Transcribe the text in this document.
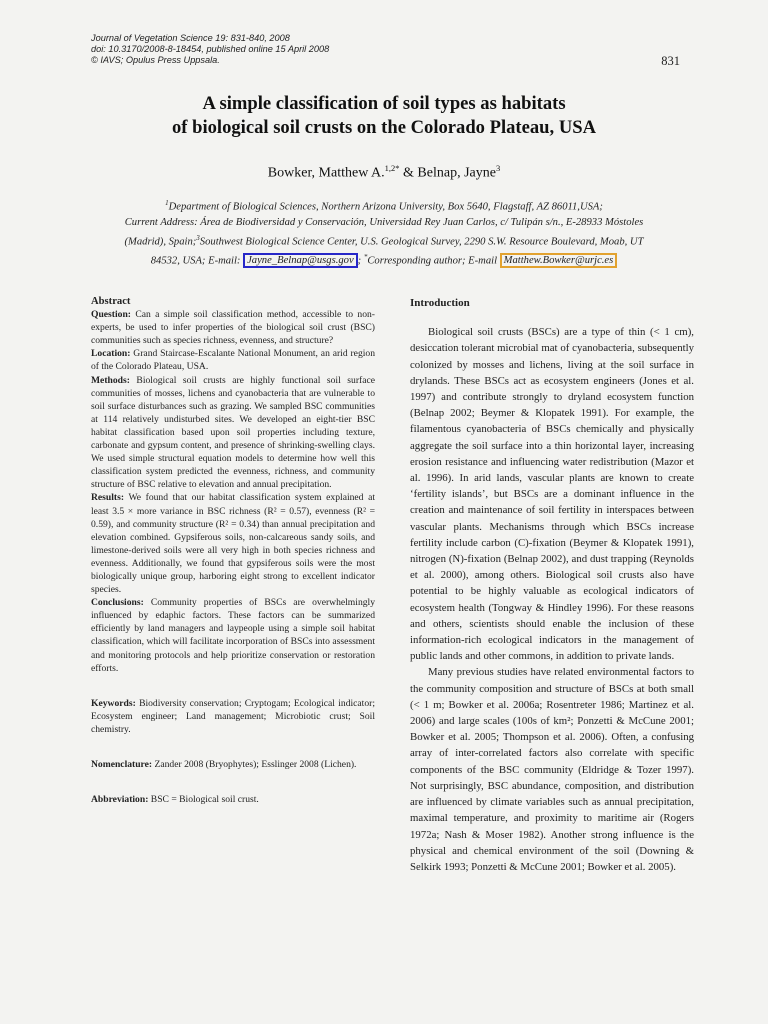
Journal of Vegetation Science 19: 831-840, 2008
doi: 10.3170/2008-8-18454, published online 15 April 2008
© IAVS; Opulus Press Uppsala.	831
A simple classification of soil types as habitats
of biological soil crusts on the Colorado Plateau, USA
Bowker, Matthew A.$^{1,2*}$ & Belnap, Jayne$^3$
$^1$Department of Biological Sciences, Northern Arizona University, Box 5640, Flagstaff, AZ 86011,USA;
Current Address: Área de Biodiversidad y Conservación, Universidad Rey Juan Carlos, c/ Tulipán s/n., E-28933 Móstoles
(Madrid), Spain;$^3$Southwest Biological Science Center, U.S. Geological Survey, 2290 S.W. Resource Boulevard, Moab, UT
84532, USA; E-mail: Jayne_Belnap@usgs.gov ; *Corresponding author; E-mail Matthew.Bowker@urjc.es

Abstract

Question: Can a simple soil classification method, accessible to non-experts, be used to infer properties of the biological soil crust (BSC) communities such as species richness, evenness, and structure?

Location: Grand Staircase-Escalante National Monument, an arid region of the Colorado Plateau, USA.

Methods: Biological soil crusts are highly functional soil surface communities of mosses, lichens and cyanobacteria that are vulnerable to soil surface disturbances such as grazing. We sampled BSC communities at 114 relatively undisturbed sites. We developed an eight-tier BSC habitat classification based upon soil properties including texture, carbonate and gypsum content, and presence of shrinking-swelling clays. We used simple structural equation models to determine how well this classification system predicted the evenness, richness, and community structure of BSC relative to elevation and annual precipitation.

Results: We found that our habitat classification system explained at least 3.5 × more variance in BSC richness (R² = 0.57), evenness (R² = 0.59), and community structure (R² = 0.34) than annual precipitation and elevation combined. Gypsiferous soils, non-calcareous sandy soils, and limestone-derived soils were all very high in both species richness and evenness. Additionally, we found that gypsiferous soils were the most biologically unique group, harboring eight strong to excellent indicator species.

Conclusions: Community properties of BSCs are overwhelmingly influenced by edaphic factors. These factors can be summarized efficiently by land managers and laypeople using a simple soil habitat classification, which will facilitate incorporation of BSCs into assessment and monitoring protocols and help prioritize conservation or restoration efforts.

Keywords: Biodiversity conservation; Cryptogam; Ecological indicator; Ecosystem engineer; Land management; Microbiotic crust; Soil chemistry.

Nomenclature: Zander 2008 (Bryophytes); Esslinger 2008 (Lichen).

Abbreviation: BSC = Biological soil crust.

Introduction

Biological soil crusts (BSCs) are a type of thin (< 1 cm), desiccation tolerant microbial mat of cyanobacteria, subsequently colonized by mosses and lichens, living at the soil surface in drylands. These BSCs act as ecosystem engineers (Jones et al. 1997) and contribute strongly to dryland ecosystem function (Belnap 2002; Beymer & Klopatek 1991). For example, the filamentous cyanobacteria of BSCs chemically and physically aggregate the soil surface into a thin horizontal layer, increasing erosion resistance and influencing water redistribution (Mazor et al. 1996). In arid lands, vascular plants are known to create ‘fertility islands’, but BSCs are a dominant influence in the creation and maintenance of soil fertility in interspaces between vascular plants. Mechanisms through which BSCs increase fertility include carbon (C)-fixation (Beymer & Klopatek 1991), nitrogen (N)-fixation (Belnap 2002), and dust trapping (Reynolds et al. 2000), among others. Biological soil crusts also have potential to be highly valuable as ecological indicators of ecosystem health (Tongway & Hindley 1996). For these reasons and others, scientists should enable the inclusion of these information-rich ecological indicators in the management of public lands and other commons, in addition to private lands.

Many previous studies have related environmental factors to the community composition and structure of BSCs at both small (< 1 m; Bowker et al. 2006a; Rosentreter 1986; Martinez et al. 2006) and large scales (100s of km²; Ponzetti & McCune 2001; Bowker et al. 2005; Thompson et al. 2006). Often, a confusing array of inter-correlated factors also correlate with specific components of the BSC community (Eldridge & Tozer 1997). Not surprisingly, BSC abundance, composition, and distribution are influenced by climate variables such as annual precipitation, maximal temperature, and proximity to maritime air (Rogers 1972a; Nash & Moser 1982). Another strong influence is the physical and chemical environment of the soil (Downing & Selkirk 1993; Ponzetti & McCune 2001; Bowker et al. 2005).
